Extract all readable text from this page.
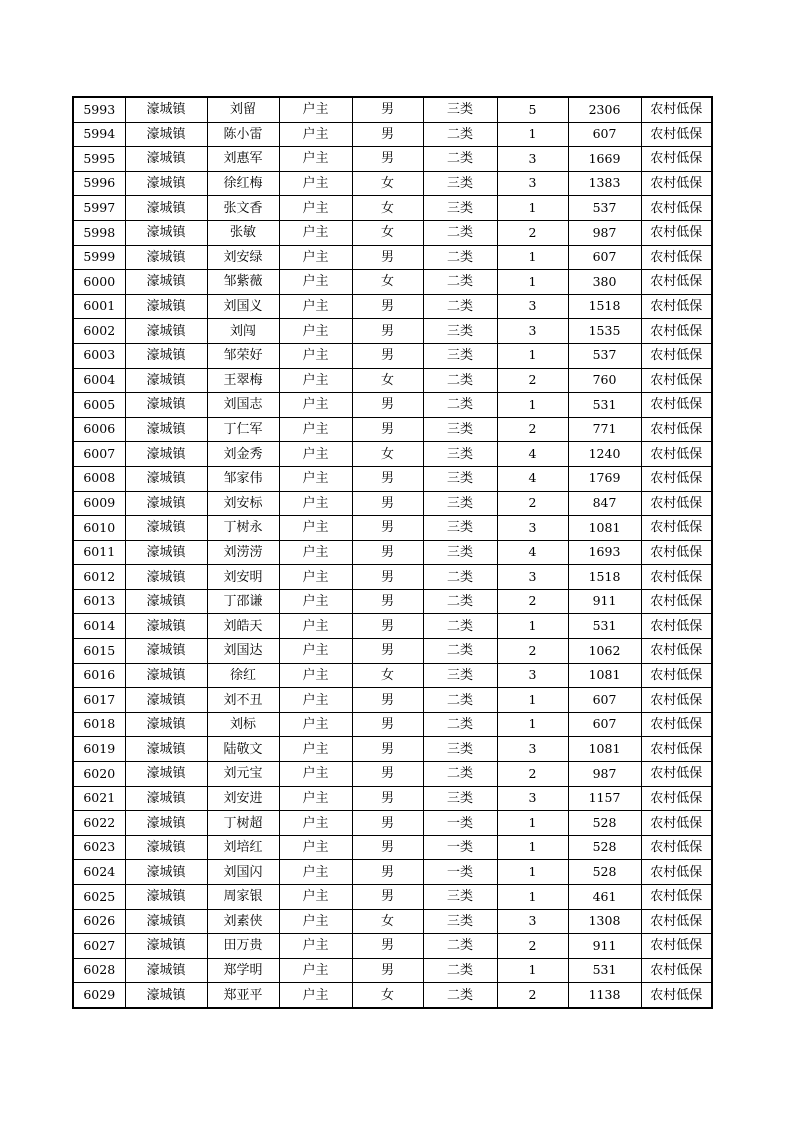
5993	濠城镇	刘留	户主	男	三类	5	2306	农村低保
5994	濠城镇	陈小雷	户主	男	二类	1	607	农村低保
5995	濠城镇	刘惠军	户主	男	二类	3	1669	农村低保
5996	濠城镇	徐红梅	户主	女	三类	3	1383	农村低保
5997	濠城镇	张文香	户主	女	三类	1	537	农村低保
5998	濠城镇	张敏	户主	女	二类	2	987	农村低保
5999	濠城镇	刘安绿	户主	男	二类	1	607	农村低保
6000	濠城镇	邹紫薇	户主	女	二类	1	380	农村低保
6001	濠城镇	刘国义	户主	男	二类	3	1518	农村低保
6002	濠城镇	刘闯	户主	男	三类	3	1535	农村低保
6003	濠城镇	邹荣好	户主	男	三类	1	537	农村低保
6004	濠城镇	王翠梅	户主	女	二类	2	760	农村低保
6005	濠城镇	刘国志	户主	男	二类	1	531	农村低保
6006	濠城镇	丁仁军	户主	男	三类	2	771	农村低保
6007	濠城镇	刘金秀	户主	女	三类	4	1240	农村低保
6008	濠城镇	邹家伟	户主	男	三类	4	1769	农村低保
6009	濠城镇	刘安标	户主	男	三类	2	847	农村低保
6010	濠城镇	丁树永	户主	男	三类	3	1081	农村低保
6011	濠城镇	刘涝涝	户主	男	三类	4	1693	农村低保
6012	濠城镇	刘安明	户主	男	二类	3	1518	农村低保
6013	濠城镇	丁邵谦	户主	男	二类	2	911	农村低保
6014	濠城镇	刘皓天	户主	男	二类	1	531	农村低保
6015	濠城镇	刘国达	户主	男	二类	2	1062	农村低保
6016	濠城镇	徐红	户主	女	三类	3	1081	农村低保
6017	濠城镇	刘不丑	户主	男	二类	1	607	农村低保
6018	濠城镇	刘标	户主	男	二类	1	607	农村低保
6019	濠城镇	陆敬文	户主	男	三类	3	1081	农村低保
6020	濠城镇	刘元宝	户主	男	二类	2	987	农村低保
6021	濠城镇	刘安进	户主	男	三类	3	1157	农村低保
6022	濠城镇	丁树超	户主	男	一类	1	528	农村低保
6023	濠城镇	刘培红	户主	男	一类	1	528	农村低保
6024	濠城镇	刘国闪	户主	男	一类	1	528	农村低保
6025	濠城镇	周家银	户主	男	三类	1	461	农村低保
6026	濠城镇	刘素侠	户主	女	三类	3	1308	农村低保
6027	濠城镇	田万贵	户主	男	二类	2	911	农村低保
6028	濠城镇	郑学明	户主	男	二类	1	531	农村低保
6029	濠城镇	郑亚平	户主	女	二类	2	1138	农村低保
